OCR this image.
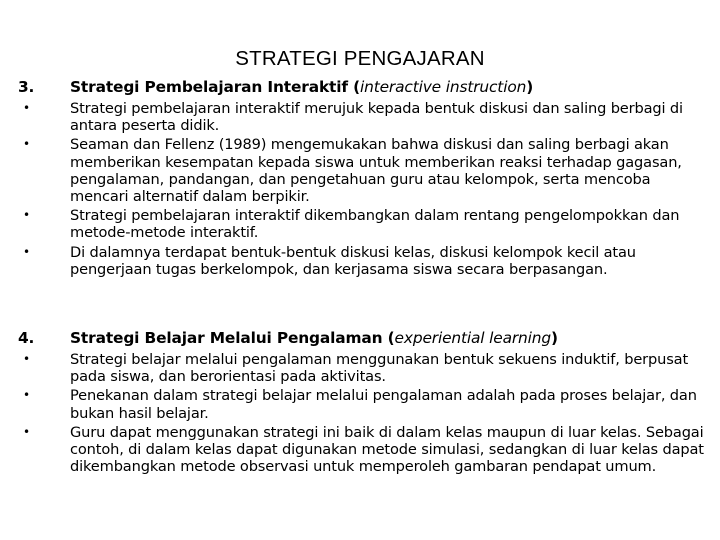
STRATEGI PENGAJARAN
3. Strategi Pembelajaran Interaktif (interactive instruction)
•	Strategi pembelajaran interaktif merujuk kepada bentuk diskusi dan saling berbagi di antara peserta didik.
•	Seaman dan Fellenz (1989) mengemukakan bahwa diskusi dan saling berbagi akan memberikan kesempatan kepada siswa untuk memberikan reaksi terhadap gagasan, pengalaman, pandangan, dan pengetahuan guru atau kelompok, serta mencoba mencari alternatif dalam berpikir.
•	Strategi pembelajaran interaktif dikembangkan dalam rentang pengelompokkan dan metode-metode interaktif.
•	Di dalamnya terdapat bentuk-bentuk diskusi kelas, diskusi kelompok kecil atau pengerjaan tugas berkelompok, dan kerjasama siswa secara berpasangan.
4. Strategi Belajar Melalui Pengalaman (experiential learning)
•	Strategi belajar melalui pengalaman menggunakan bentuk sekuens induktif, berpusat pada siswa, dan berorientasi pada aktivitas.
•	Penekanan dalam strategi belajar melalui pengalaman adalah pada proses belajar, dan bukan hasil belajar.
•	Guru dapat menggunakan strategi ini baik di dalam kelas maupun di luar kelas. Sebagai contoh, di dalam kelas dapat digunakan metode simulasi, sedangkan di luar kelas dapat dikembangkan metode observasi untuk memperoleh gambaran pendapat umum.
